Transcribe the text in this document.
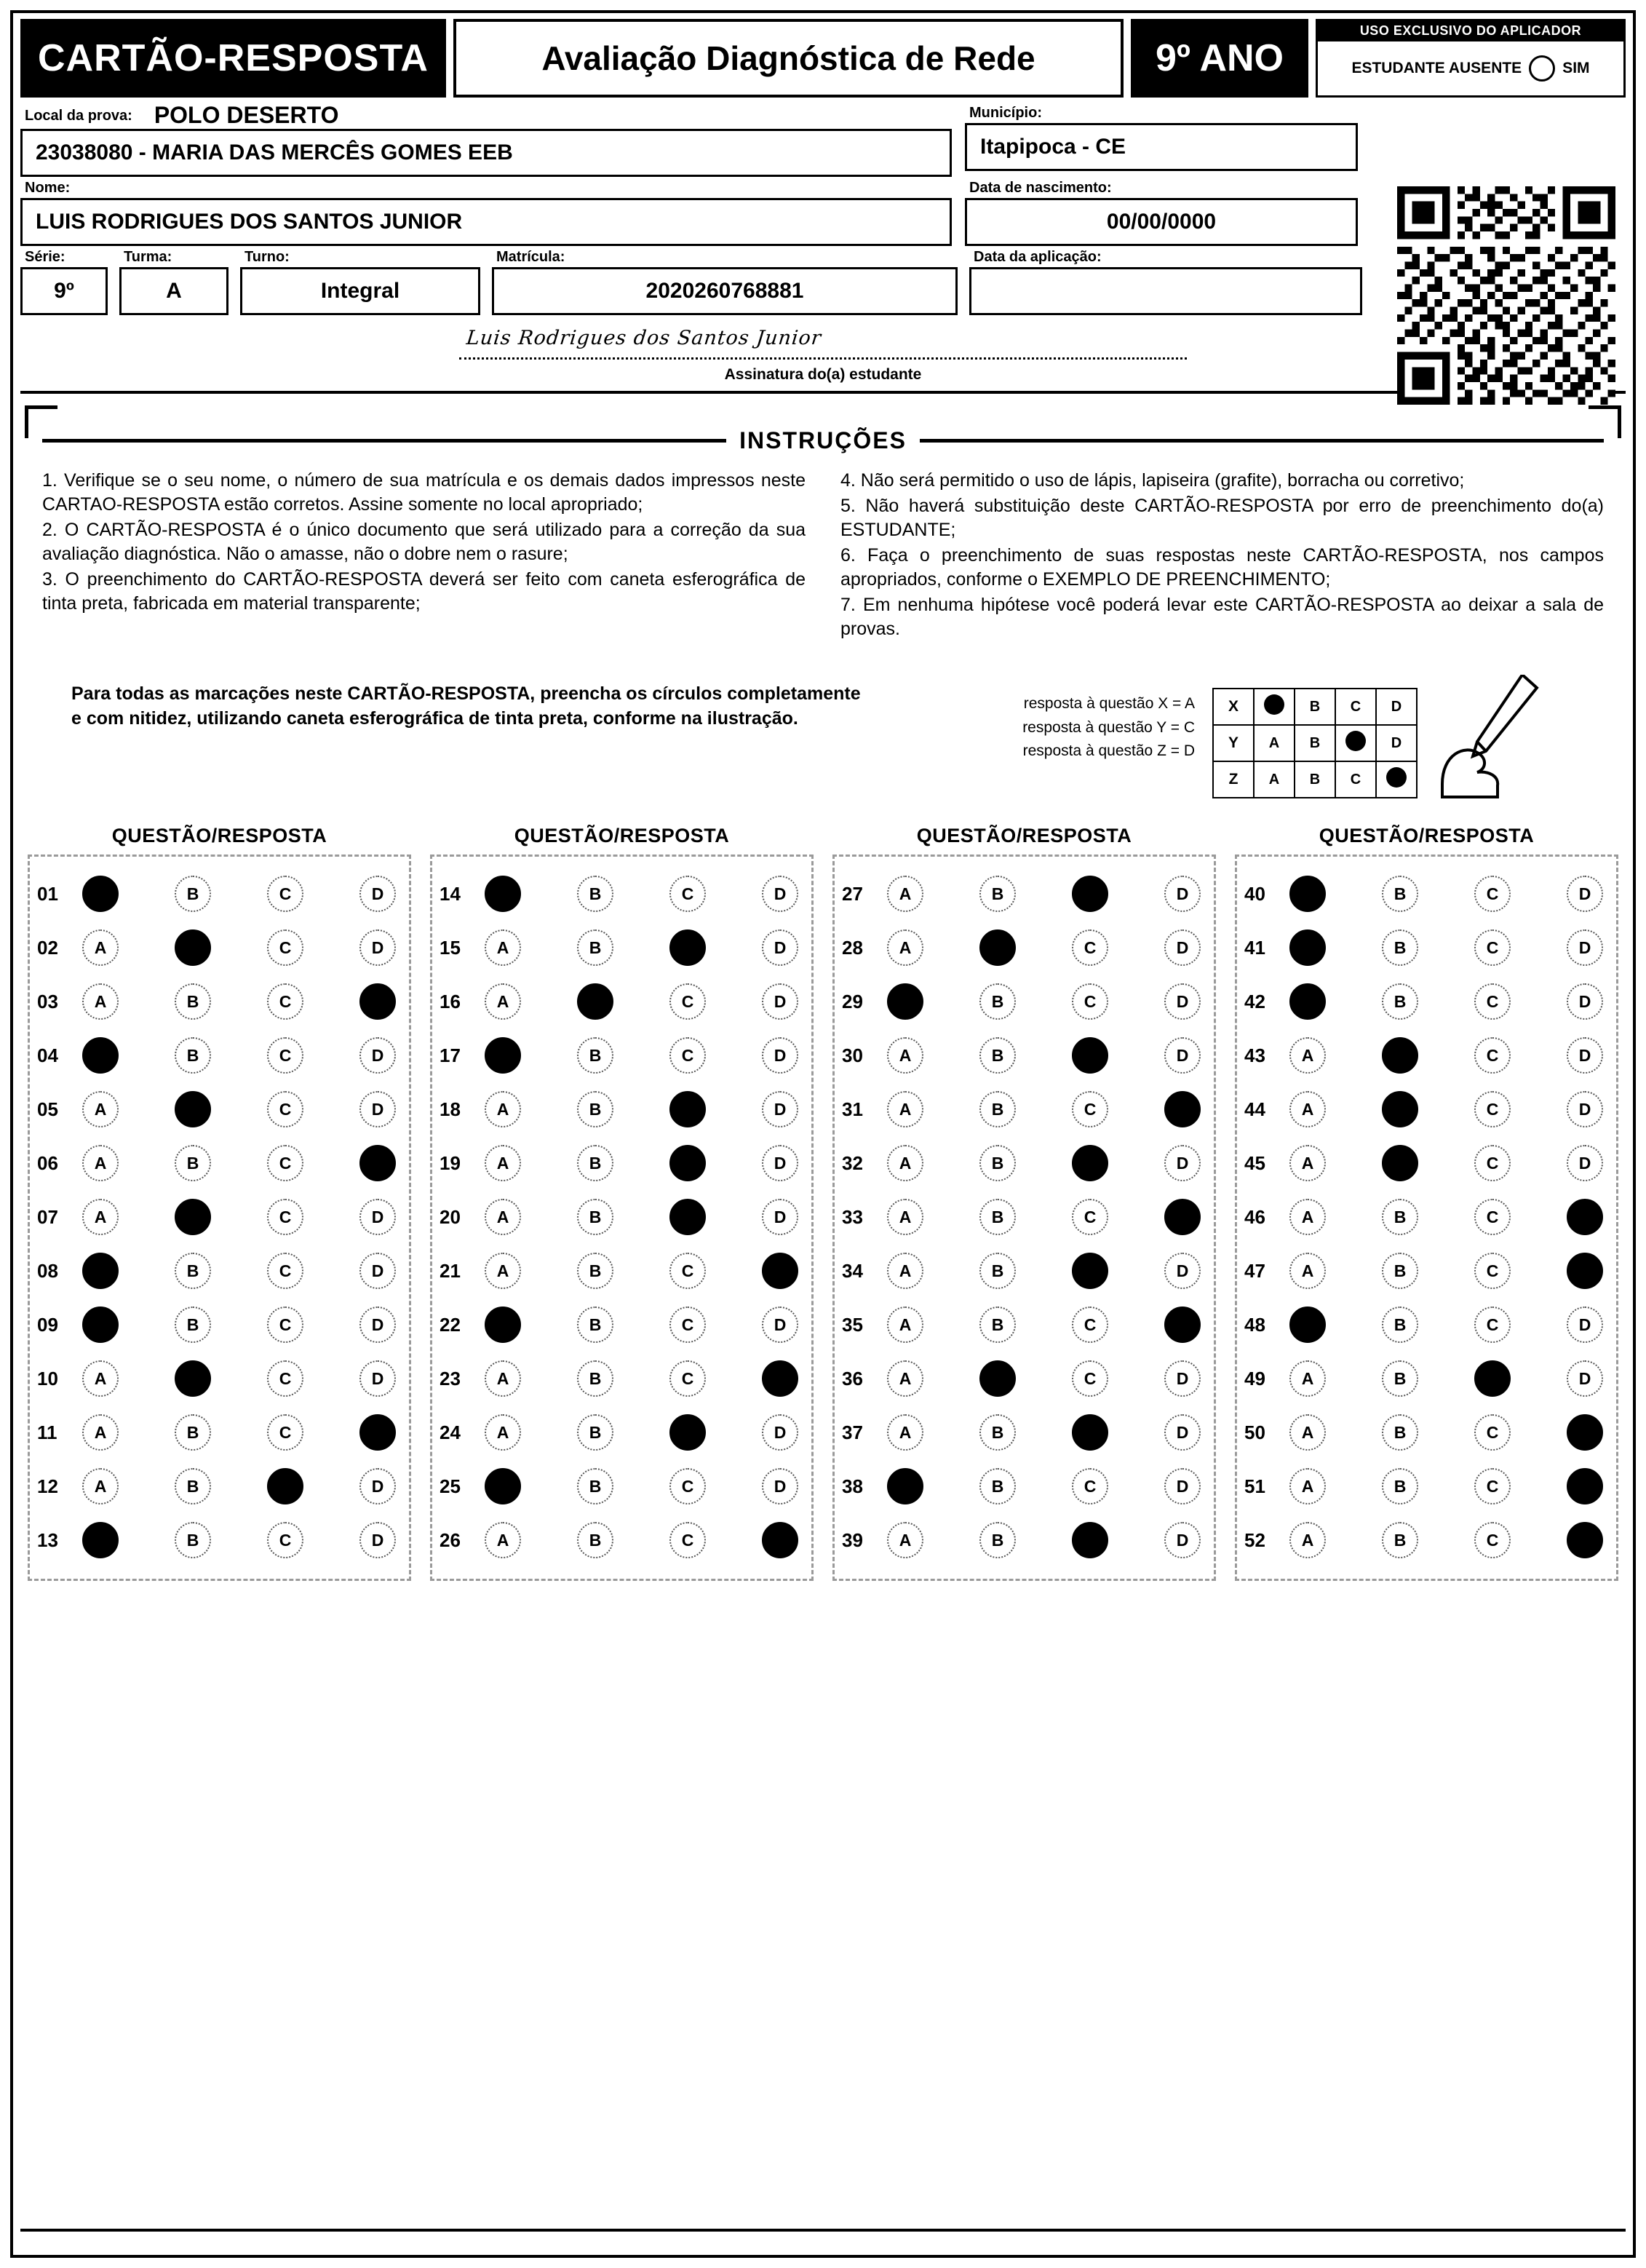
CARTÃO-RESPOSTA	Avaliação Diagnóstica de Rede	9º ANO
USO EXCLUSIVO DO APLICADOR
ESTUDANTE AUSENTE	SIM
Local da prova: POLO DESERTO
23038080 - MARIA DAS MERCÊS GOMES EEB
Município:
Itapipoca - CE
Nome:
LUIS RODRIGUES DOS SANTOS JUNIOR
Data de nascimento:
00/00/0000
Série:
9º
Turma:
A
Turno:
Integral
Matrícula:
2020260768881
Data da aplicação:
Luis Rodrigues dos Santos Junior
Assinatura do(a) estudante
INSTRUÇÕES

1. Verifique se o seu nome, o número de sua matrícula e os demais dados impressos neste CARTAO-RESPOSTA estão corretos. Assine somente no local apropriado;

2. O CARTÃO-RESPOSTA é o único documento que será utilizado para a correção da sua avaliação diagnóstica. Não o amasse, não o dobre nem o rasure;

3. O preenchimento do CARTÃO-RESPOSTA deverá ser feito com caneta esferográfica de tinta preta, fabricada em material transparente;

4. Não será permitido o uso de lápis, lapiseira (grafite), borracha ou corretivo;

5. Não haverá substituição deste CARTÃO-RESPOSTA por erro de preenchimento do(a) ESTUDANTE;

6. Faça o preenchimento de suas respostas neste CARTÃO-RESPOSTA, nos campos apropriados, conforme o EXEMPLO DE PREENCHIMENTO;

7. Em nenhuma hipótese você poderá levar este CARTÃO-RESPOSTA ao deixar a sala de provas.

Para todas as marcações neste CARTÃO-RESPOSTA, preencha os círculos completamente e com nitidez, utilizando caneta esferográfica de tinta preta, conforme na ilustração.
resposta à questão X = A
resposta à questão Y = C
resposta à questão Z = D
X		B	C	D
Y	A	B		D
Z	A	B	C	
QUESTÃO/RESPOSTA
01	B	C	D
02	A	C	D
03	A	B	C
04	B	C	D
05	A	C	D
06	A	B	C
07	A	C	D
08	B	C	D
09	B	C	D
10	A	C	D
11	A	B	C
12	A	B	D
13	B	C	D
QUESTÃO/RESPOSTA
14	B	C	D
15	A	B	D
16	A	C	D
17	B	C	D
18	A	B	D
19	A	B	D
20	A	B	D
21	A	B	C
22	B	C	D
23	A	B	C
24	A	B	D
25	B	C	D
26	A	B	C
QUESTÃO/RESPOSTA
27	A	B	D
28	A	C	D
29	B	C	D
30	A	B	D
31	A	B	C
32	A	B	D
33	A	B	C
34	A	B	D
35	A	B	C
36	A	C	D
37	A	B	D
38	B	C	D
39	A	B	D
QUESTÃO/RESPOSTA
40	B	C	D
41	B	C	D
42	B	C	D
43	A	C	D
44	A	C	D
45	A	C	D
46	A	B	C
47	A	B	C
48	B	C	D
49	A	B	D
50	A	B	C
51	A	B	C
52	A	B	C
